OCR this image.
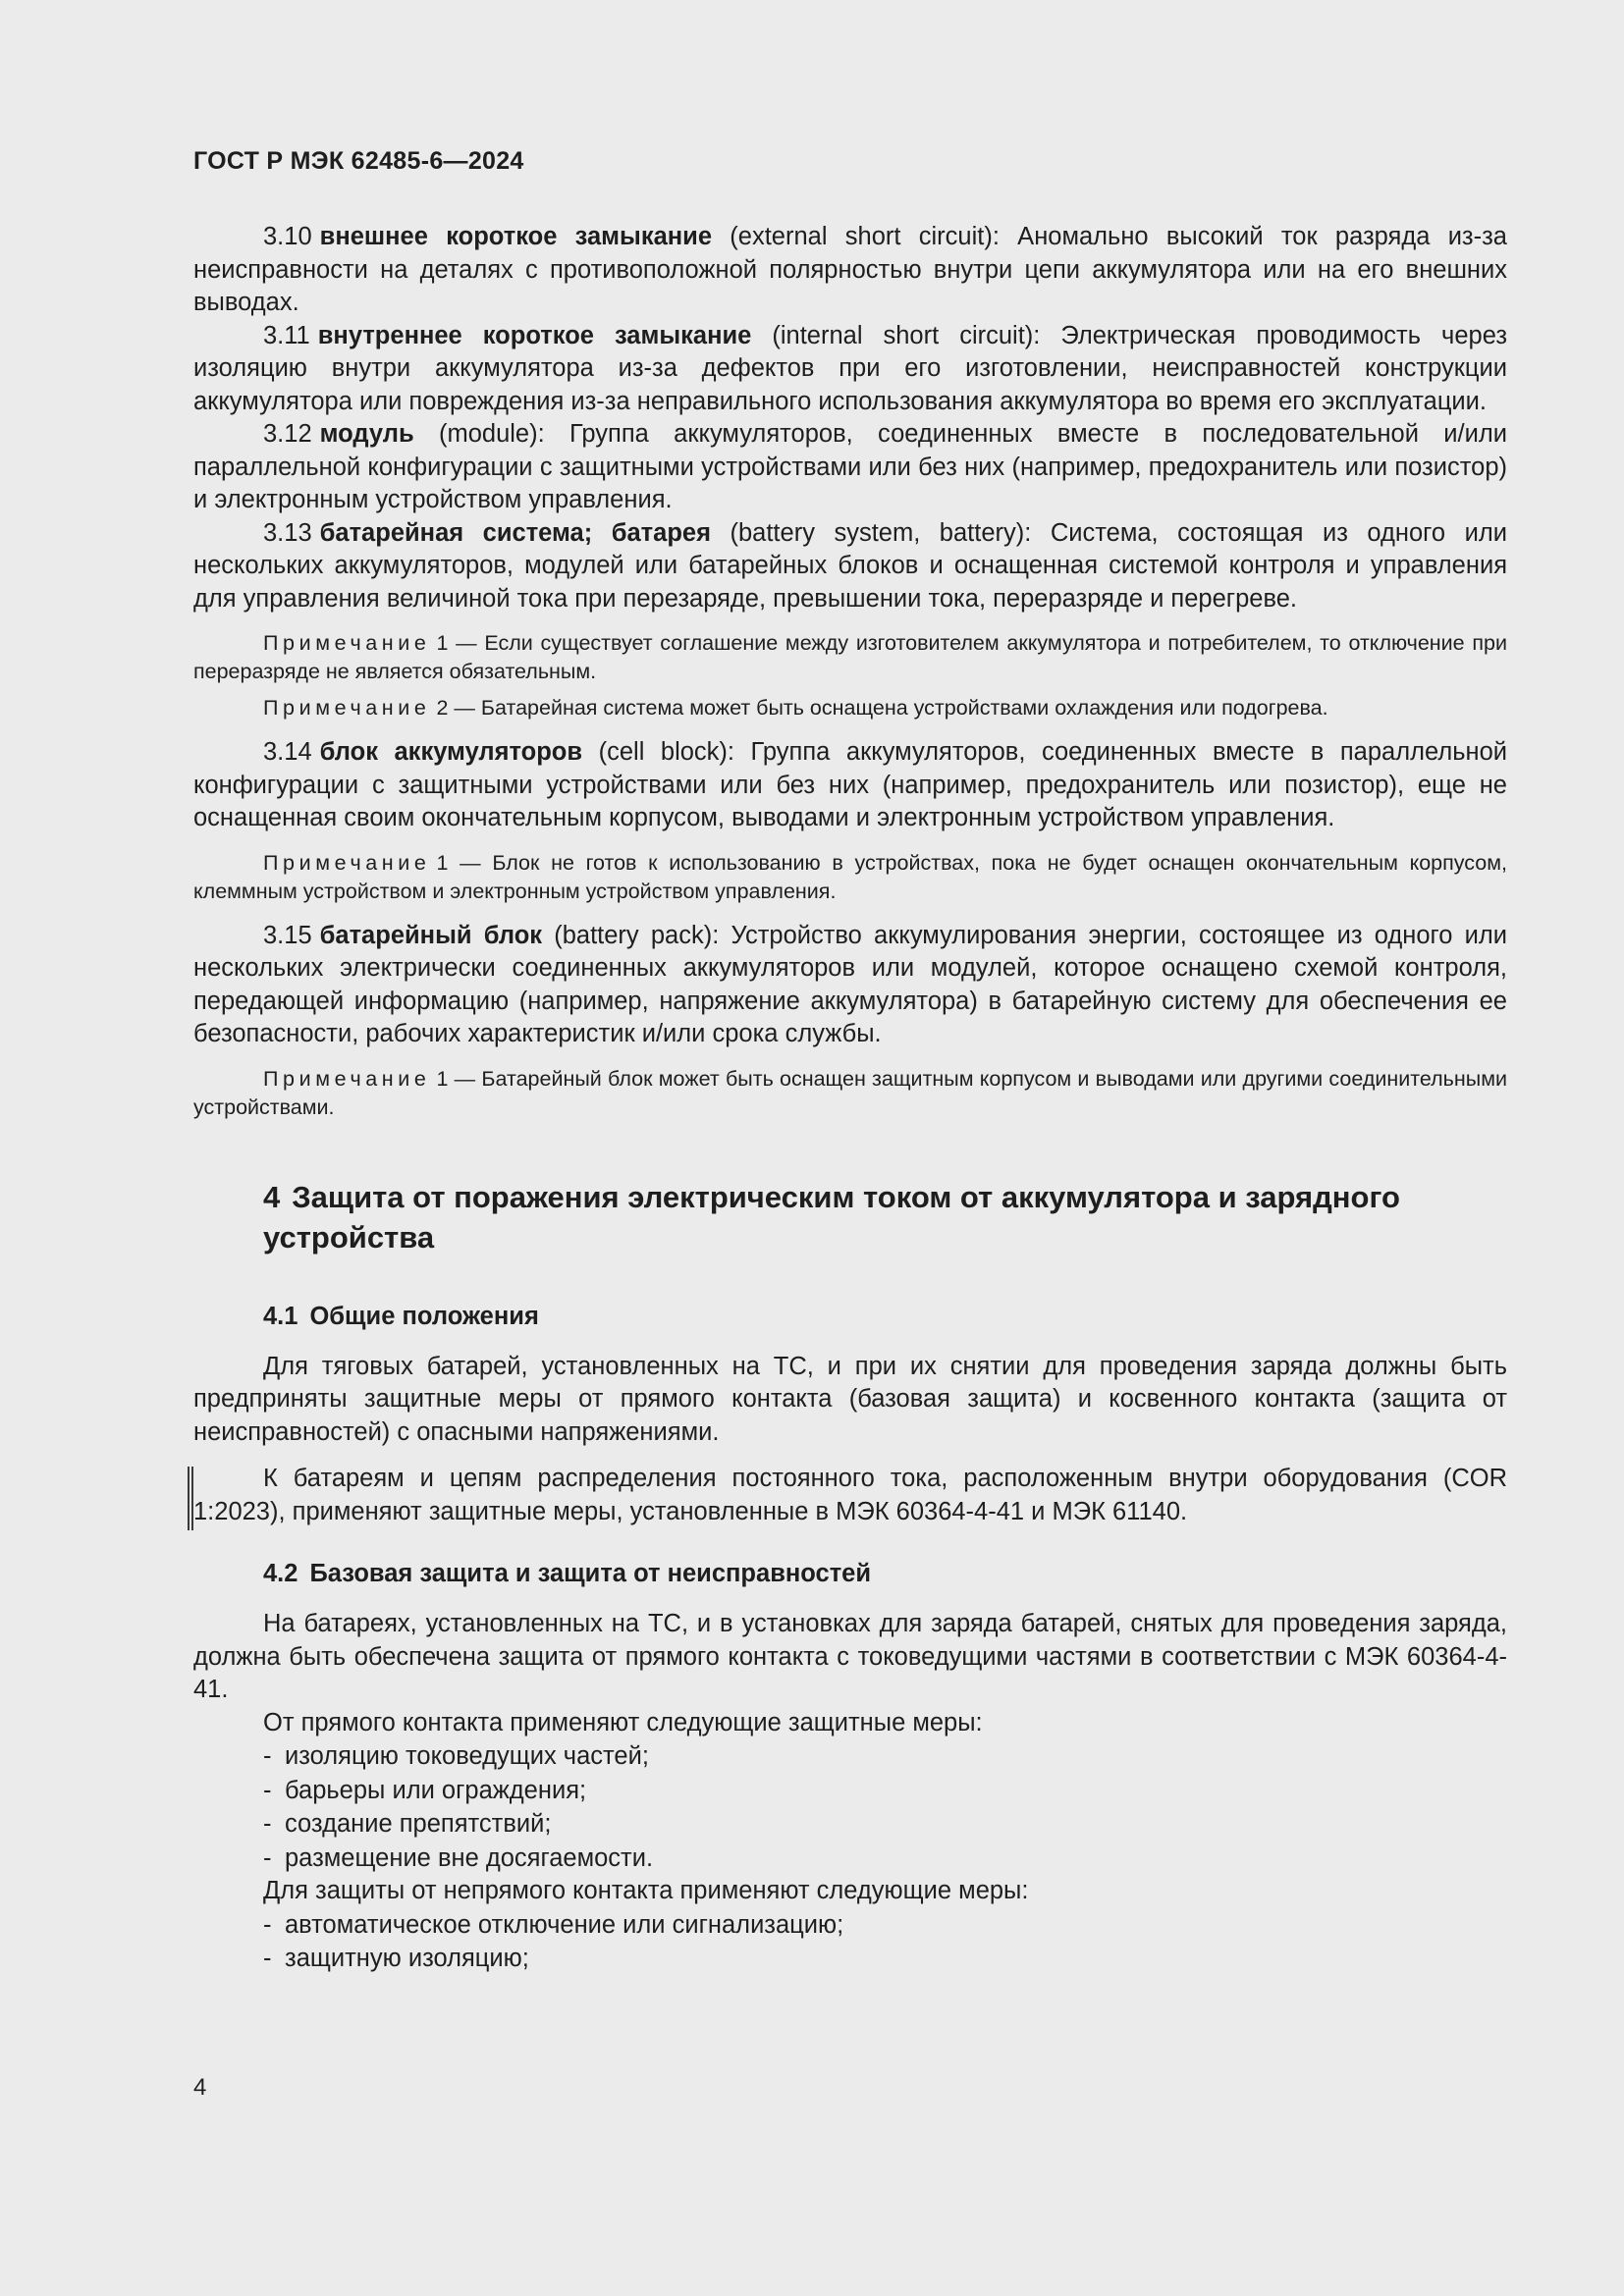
ГОСТ Р МЭК 62485-6—2024

3.10 внешнее короткое замыкание (external short circuit): Аномально высокий ток разряда из-за неисправности на деталях с противоположной полярностью внутри цепи аккумулятора или на его внешних выводах.

3.11 внутреннее короткое замыкание (internal short circuit): Электрическая проводимость через изоляцию внутри аккумулятора из-за дефектов при его изготовлении, неисправностей конструкции аккумулятора или повреждения из-за неправильного использования аккумулятора во время его эксплуатации.

3.12 модуль (module): Группа аккумуляторов, соединенных вместе в последовательной и/или параллельной конфигурации с защитными устройствами или без них (например, предохранитель или позистор) и электронным устройством управления.

3.13 батарейная система; батарея (battery system, battery): Система, состоящая из одного или нескольких аккумуляторов, модулей или батарейных блоков и оснащенная системой контроля и управления для управления величиной тока при перезаряде, превышении тока, переразряде и перегреве.

Примечание 1 — Если существует соглашение между изготовителем аккумулятора и потребителем, то отключение при переразряде не является обязательным.

Примечание 2 — Батарейная система может быть оснащена устройствами охлаждения или подогрева.

3.14 блок аккумуляторов (cell block): Группа аккумуляторов, соединенных вместе в параллельной конфигурации с защитными устройствами или без них (например, предохранитель или позистор), еще не оснащенная своим окончательным корпусом, выводами и электронным устройством управления.

Примечание 1 — Блок не готов к использованию в устройствах, пока не будет оснащен окончательным корпусом, клеммным устройством и электронным устройством управления.

3.15 батарейный блок (battery pack): Устройство аккумулирования энергии, состоящее из одного или нескольких электрически соединенных аккумуляторов или модулей, которое оснащено схемой контроля, передающей информацию (например, напряжение аккумулятора) в батарейную систему для обеспечения ее безопасности, рабочих характеристик и/или срока службы.

Примечание 1 — Батарейный блок может быть оснащен защитным корпусом и выводами или другими соединительными устройствами.

4 Защита от поражения электрическим током от аккумулятора и зарядного устройства
4.1 Общие положения

Для тяговых батарей, установленных на ТС, и при их снятии для проведения заряда должны быть предприняты защитные меры от прямого контакта (базовая защита) и косвенного контакта (защита от неисправностей) с опасными напряжениями.

К батареям и цепям распределения постоянного тока, расположенным внутри оборудования (COR 1:2023), применяют защитные меры, установленные в МЭК 60364-4-41 и МЭК 61140.

4.2 Базовая защита и защита от неисправностей

На батареях, установленных на ТС, и в установках для заряда батарей, снятых для проведения заряда, должна быть обеспечена защита от прямого контакта с токоведущими частями в соответствии с МЭК 60364-4-41.

От прямого контакта применяют следующие защитные меры:

- изоляцию токоведущих частей;

- барьеры или ограждения;

- создание препятствий;

- размещение вне досягаемости.

Для защиты от непрямого контакта применяют следующие меры:

- автоматическое отключение или сигнализацию;

- защитную изоляцию;

4
